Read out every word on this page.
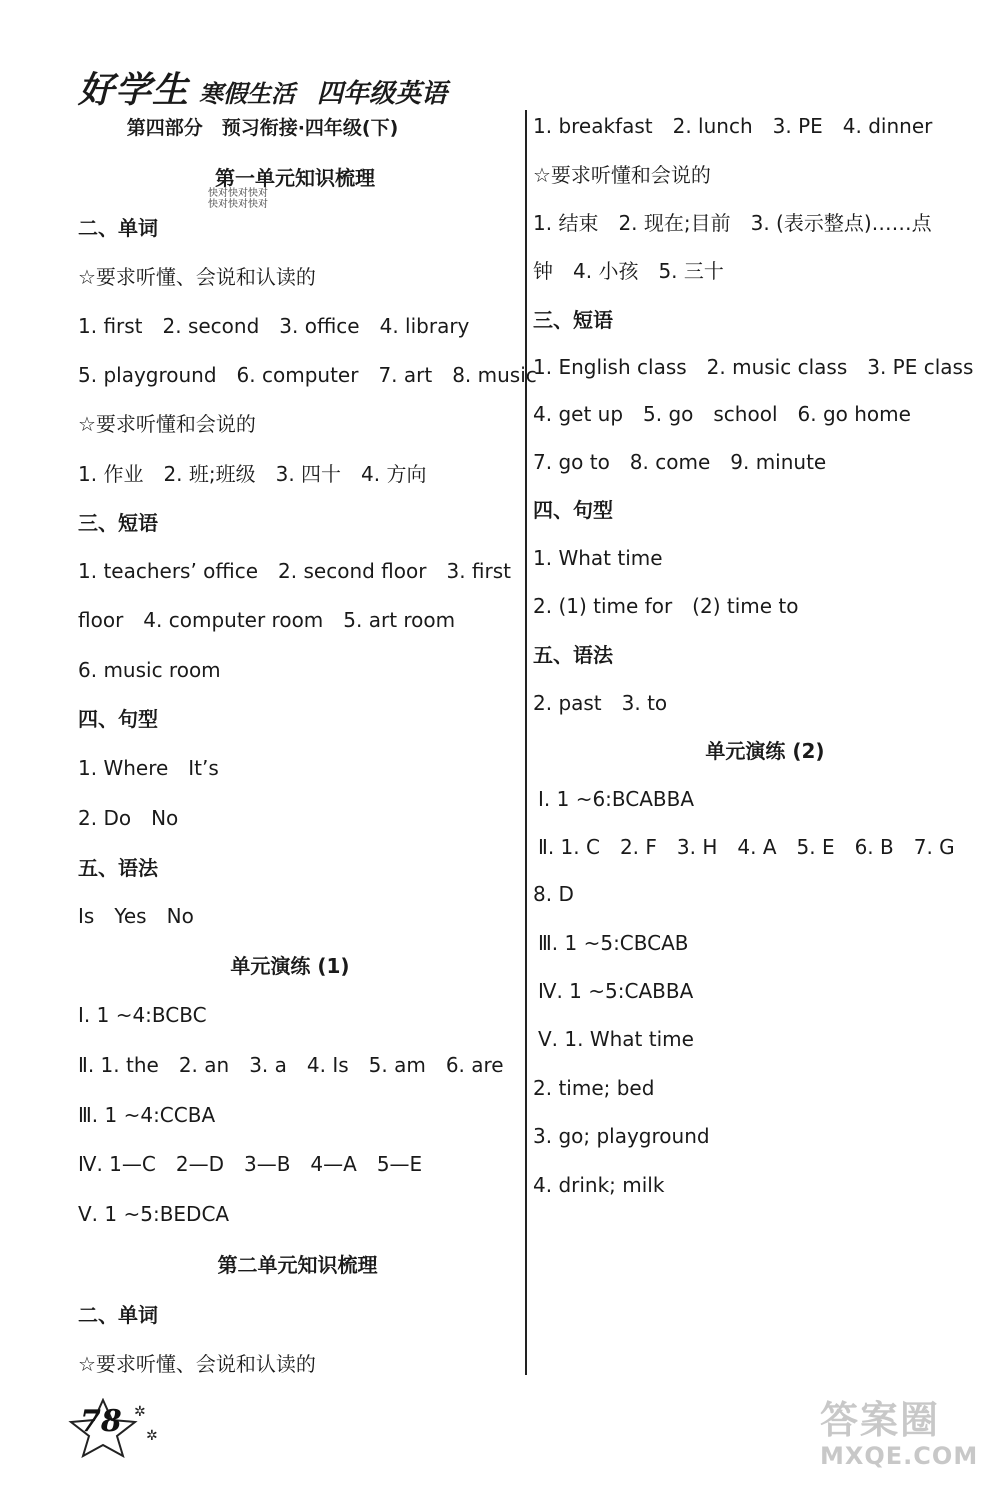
好学生 寒假生活 四年级英语
第四部分　预习衔接·四年级(下)
第一单元知识梳理
快对快对快对
快对快对快对
二、单词
☆要求听懂、会说和认读的
1. first　2. second　3. office　4. library
5. playground　6. computer　7. art　8. music
☆要求听懂和会说的
1. 作业　2. 班;班级　3. 四十　4. 方向
三、短语
1. teachers’ office　2. second floor　3. first
floor　4. computer room　5. art room
6. music room
四、句型
1. Where　It’s
2. Do　No
五、语法
Is　Yes　No
单元演练 (1)
Ⅰ. 1 ~4:BCBC
Ⅱ. 1. the　2. an　3. a　4. Is　5. am　6. are
Ⅲ. 1 ~4:CCBA
Ⅳ. 1—C　2—D　3—B　4—A　5—E
Ⅴ. 1 ~5:BEDCA
第二单元知识梳理
二、单词
☆要求听懂、会说和认读的
1. breakfast　2. lunch　3. PE　4. dinner
☆要求听懂和会说的
1. 结束　2. 现在;目前　3. (表示整点)……点
钟　4. 小孩　5. 三十
三、短语
1. English class　2. music class　3. PE class
4. get up　5. go　school　6. go home
7. go to　8. come　9. minute
四、句型
1. What time
2. (1) time for　(2) time to
五、语法
2. past　3. to
单元演练 (2)
Ⅰ. 1 ~6:BCABBA
Ⅱ. 1. C　2. F　3. H　4. A　5. E　6. B　7. G
8. D
Ⅲ. 1 ~5:CBCAB
Ⅳ. 1 ~5:CABBA
Ⅴ. 1. What time
2. time; bed
3. go; playground
4. drink; milk
78 ✲
✲	答案圈
MXQE.COM
